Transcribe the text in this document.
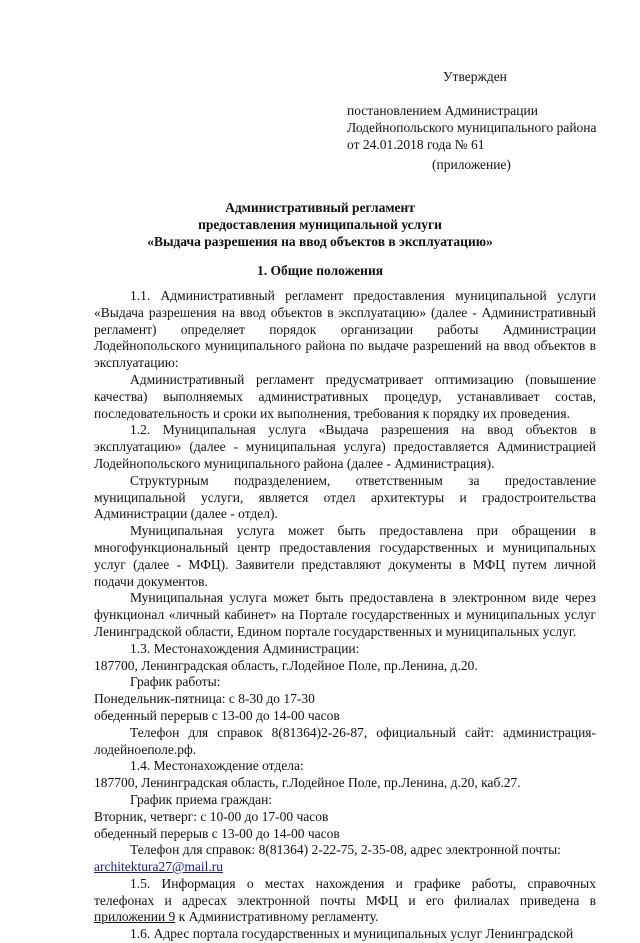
Утвержден
постановлением Администрации
Лодейнопольского муниципального района
от 24.01.2018 года № 61
(приложение)
Административный регламент
предоставления муниципальной услуги
«Выдача разрешения на ввод объектов в эксплуатацию»
1. Общие положения

1.1. Административный регламент предоставления муниципальной услуги «Выдача разрешения на ввод объектов в эксплуатацию» (далее - Административный регламент) определяет порядок организации работы Администрации Лодейнопольского муниципального района по выдаче разрешений на ввод объектов в эксплуатацию:

Административный регламент предусматривает оптимизацию (повышение качества) выполняемых административных процедур, устанавливает состав, последовательность и сроки их выполнения, требования к порядку их проведения.

1.2. Муниципальная услуга «Выдача разрешения на ввод объектов в эксплуатацию» (далее - муниципальная услуга) предоставляется Администрацией Лодейнопольского муниципального района (далее - Администрация).

Структурным подразделением, ответственным за предоставление муниципальной услуги, является отдел архитектуры и градостроительства Администрации (далее - отдел).

Муниципальная услуга может быть предоставлена при обращении в многофункциональный центр предоставления государственных и муниципальных услуг (далее - МФЦ). Заявители представляют документы в МФЦ путем личной подачи документов.

Муниципальная услуга может быть предоставлена в электронном виде через функционал «личный кабинет» на Портале государственных и муниципальных услуг Ленинградской области, Едином портале государственных и муниципальных услуг.

1.3. Местонахождения Администрации:

187700, Ленинградская область, г.Лодейное Поле, пр.Ленина, д.20.

График работы:

Понедельник-пятница: с 8-30 до 17-30

обеденный перерыв с 13-00 до 14-00 часов

Телефон для справок 8(81364)2-26-87, официальный сайт: администрация-лодейноеполе.рф.

1.4. Местонахождение отдела:

187700, Ленинградская область, г.Лодейное Поле, пр.Ленина, д.20, каб.27.

График приема граждан:

Вторник, четверг: с 10-00 до 17-00 часов

обеденный перерыв с 13-00 до 14-00 часов

Телефон для справок: 8(81364) 2-22-75, 2-35-08, адрес электронной почты:

architektura27@mail.ru

1.5. Информация о местах нахождения и графике работы, справочных телефонах и адресах электронной почты МФЦ и его филиалах приведена в приложении 9 к Административному регламенту.

1.6. Адрес портала государственных и муниципальных услуг Ленинградской
